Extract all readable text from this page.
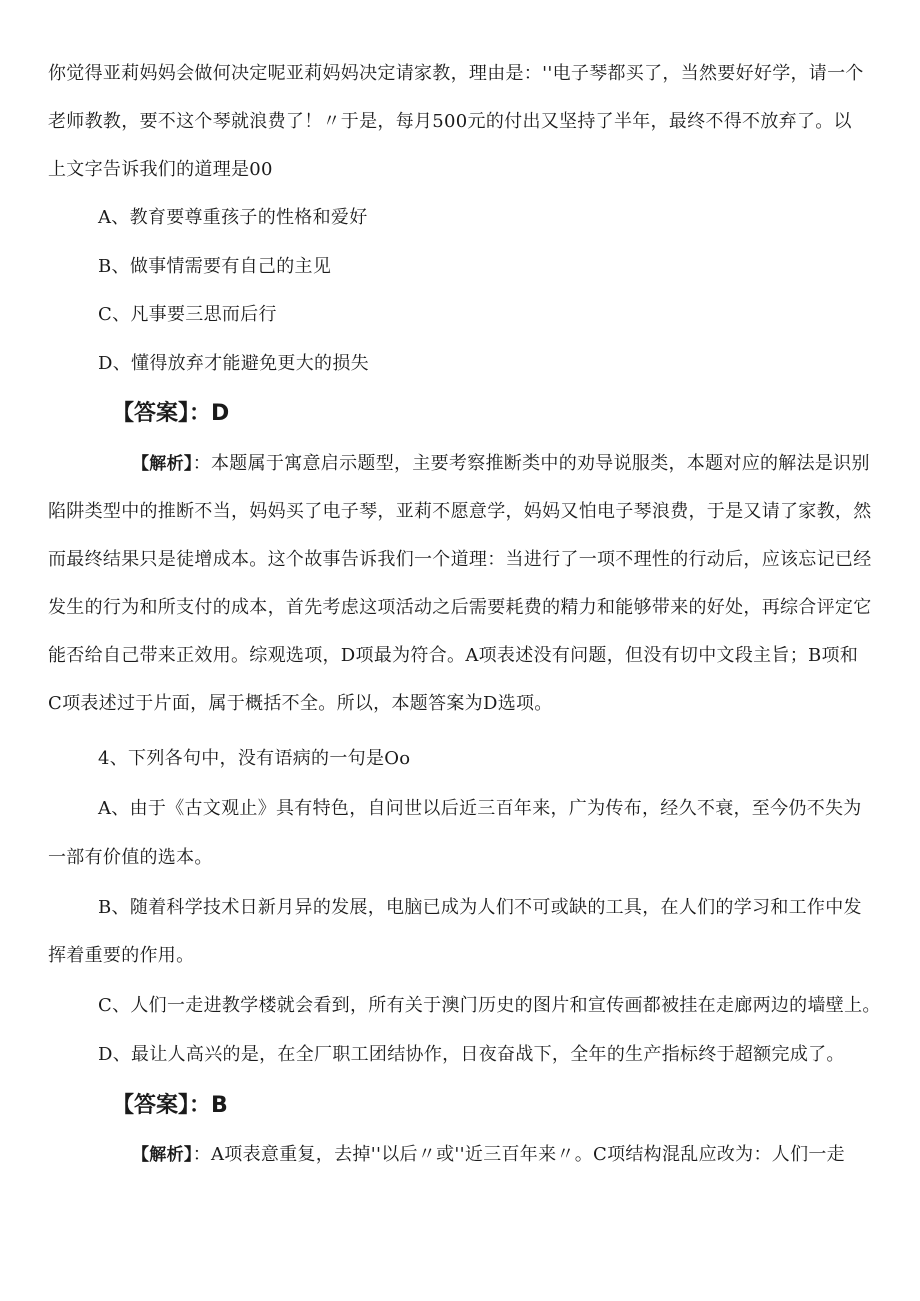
你觉得亚莉妈妈会做何决定呢亚莉妈妈决定请家教，理由是：''电子琴都买了，当然要好好学，请一个
老师教教，要不这个琴就浪费了！〃于是，每月500元的付出又坚持了半年，最终不得不放弃了。以
上文字告诉我们的道理是00
A、教育要尊重孩子的性格和爱好
B、做事情需要有自己的主见
C、凡事要三思而后行
D、懂得放弃才能避免更大的损失
【答案】：D
【解析】：本题属于寓意启示题型，主要考察推断类中的劝导说服类，本题对应的解法是识别
陷阱类型中的推断不当，妈妈买了电子琴，亚莉不愿意学，妈妈又怕电子琴浪费，于是又请了家教，然
而最终结果只是徒增成本。这个故事告诉我们一个道理：当进行了一项不理性的行动后，应该忘记已经
发生的行为和所支付的成本，首先考虑这项活动之后需要耗费的精力和能够带来的好处，再综合评定它
能否给自己带来正效用。综观选项，D项最为符合。A项表述没有问题，但没有切中文段主旨；B项和
C项表述过于片面，属于概括不全。所以，本题答案为D选项。
4、下列各句中，没有语病的一句是Oo
A、由于《古文观止》具有特色，自问世以后近三百年来，广为传布，经久不衰，至今仍不失为
一部有价值的选本。
B、随着科学技术日新月异的发展，电脑已成为人们不可或缺的工具，在人们的学习和工作中发
挥着重要的作用。
C、人们一走进教学楼就会看到，所有关于澳门历史的图片和宣传画都被挂在走廊两边的墙壁上。
D、最让人高兴的是，在全厂职工团结协作，日夜奋战下，全年的生产指标终于超额完成了。
【答案】：B
【解析】：A项表意重复，去掉''以后〃或''近三百年来〃。C项结构混乱应改为：人们一走
